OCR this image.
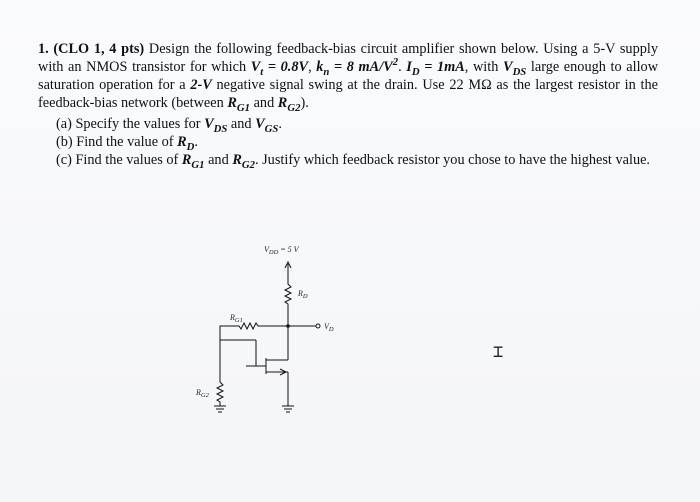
1. (CLO 1, 4 pts) Design the following feedback-bias circuit amplifier shown below. Using a 5-V supply with an NMOS transistor for which $V_t = 0.8V$, $k_n = 8$ $mA/V^2$. $I_D = 1mA$, with $V_{DS}$ large enough to allow saturation operation for a 2-V negative signal swing at the drain. Use 22 MΩ as the largest resistor in the feedback-bias network (between $R_{G1}$ and $R_{G2}$).

(a) Specify the values for $V_{DS}$ and $V_{GS}$.

(b) Find the value of $R_D$.

(c) Find the values of $R_{G1}$ and $R_{G2}$. Justify which feedback resistor you chose to have the highest value.

$V_{DD} = 5$ V
$R_D$
$V_D$
$R_{G1}$
$R_{G2}$
⌶
